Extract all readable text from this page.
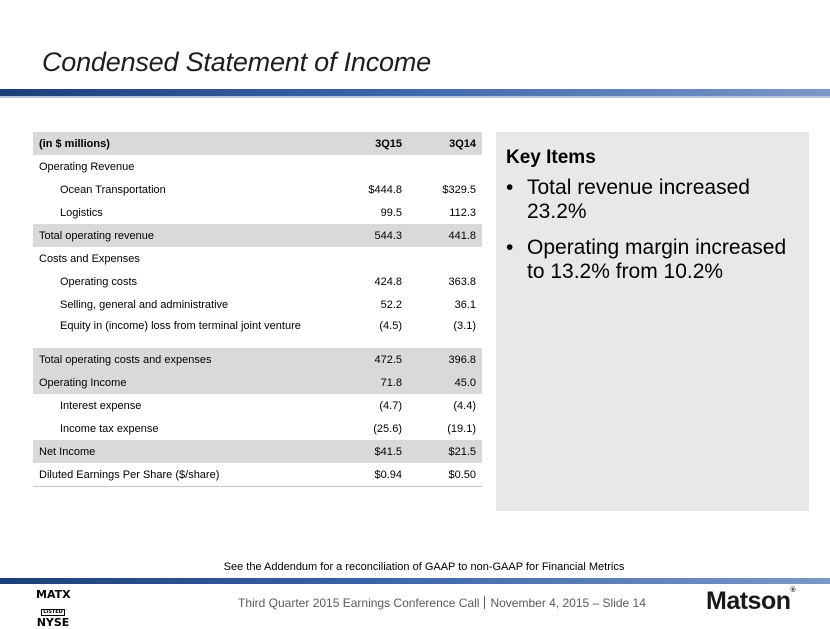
Condensed Statement of Income
(in $ millions)	3Q15	3Q14
Operating Revenue		
Ocean Transportation	$444.8	$329.5
Logistics	99.5	112.3
Total operating revenue	544.3	441.8
Costs and Expenses		
Operating costs	424.8	363.8
Selling, general and administrative	52.2	36.1
Equity in (income) loss from terminal joint venture	(4.5)	(3.1)
Total operating costs and expenses	472.5	396.8
Operating Income	71.8	45.0
Interest expense	(4.7)	(4.4)
Income tax expense	(25.6)	(19.1)
Net Income	$41.5	$21.5
Diluted Earnings Per Share ($/share)	$0.94	$0.50
Key Items
• Total revenue increased 23.2%
• Operating margin increased to 13.2% from 10.2%
See the Addendum for a reconciliation of GAAP to non-GAAP for Financial Metrics
MATX
LISTED
NYSE
Third Quarter 2015 Earnings Conference Call November 4, 2015 – Slide 14 Matson®
